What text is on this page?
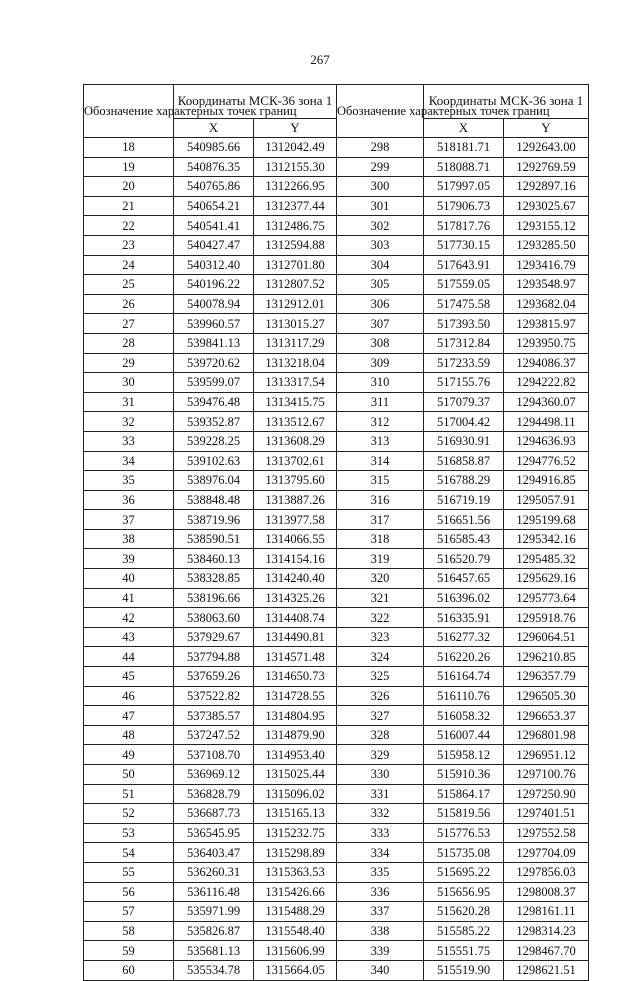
267
Обозначение характерных точек границ	Координаты МСК-36 зона 1		Обозначение характерных точек границ	Координаты МСК-36 зона 1	
	X	Y		X	Y
18	540985.66	1312042.49	298	518181.71	1292643.00
19	540876.35	1312155.30	299	518088.71	1292769.59
20	540765.86	1312266.95	300	517997.05	1292897.16
21	540654.21	1312377.44	301	517906.73	1293025.67
22	540541.41	1312486.75	302	517817.76	1293155.12
23	540427.47	1312594.88	303	517730.15	1293285.50
24	540312.40	1312701.80	304	517643.91	1293416.79
25	540196.22	1312807.52	305	517559.05	1293548.97
26	540078.94	1312912.01	306	517475.58	1293682.04
27	539960.57	1313015.27	307	517393.50	1293815.97
28	539841.13	1313117.29	308	517312.84	1293950.75
29	539720.62	1313218.04	309	517233.59	1294086.37
30	539599.07	1313317.54	310	517155.76	1294222.82
31	539476.48	1313415.75	311	517079.37	1294360.07
32	539352.87	1313512.67	312	517004.42	1294498.11
33	539228.25	1313608.29	313	516930.91	1294636.93
34	539102.63	1313702.61	314	516858.87	1294776.52
35	538976.04	1313795.60	315	516788.29	1294916.85
36	538848.48	1313887.26	316	516719.19	1295057.91
37	538719.96	1313977.58	317	516651.56	1295199.68
38	538590.51	1314066.55	318	516585.43	1295342.16
39	538460.13	1314154.16	319	516520.79	1295485.32
40	538328.85	1314240.40	320	516457.65	1295629.16
41	538196.66	1314325.26	321	516396.02	1295773.64
42	538063.60	1314408.74	322	516335.91	1295918.76
43	537929.67	1314490.81	323	516277.32	1296064.51
44	537794.88	1314571.48	324	516220.26	1296210.85
45	537659.26	1314650.73	325	516164.74	1296357.79
46	537522.82	1314728.55	326	516110.76	1296505.30
47	537385.57	1314804.95	327	516058.32	1296653.37
48	537247.52	1314879.90	328	516007.44	1296801.98
49	537108.70	1314953.40	329	515958.12	1296951.12
50	536969.12	1315025.44	330	515910.36	1297100.76
51	536828.79	1315096.02	331	515864.17	1297250.90
52	536687.73	1315165.13	332	515819.56	1297401.51
53	536545.95	1315232.75	333	515776.53	1297552.58
54	536403.47	1315298.89	334	515735.08	1297704.09
55	536260.31	1315363.53	335	515695.22	1297856.03
56	536116.48	1315426.66	336	515656.95	1298008.37
57	535971.99	1315488.29	337	515620.28	1298161.11
58	535826.87	1315548.40	338	515585.22	1298314.23
59	535681.13	1315606.99	339	515551.75	1298467.70
60	535534.78	1315664.05	340	515519.90	1298621.51
